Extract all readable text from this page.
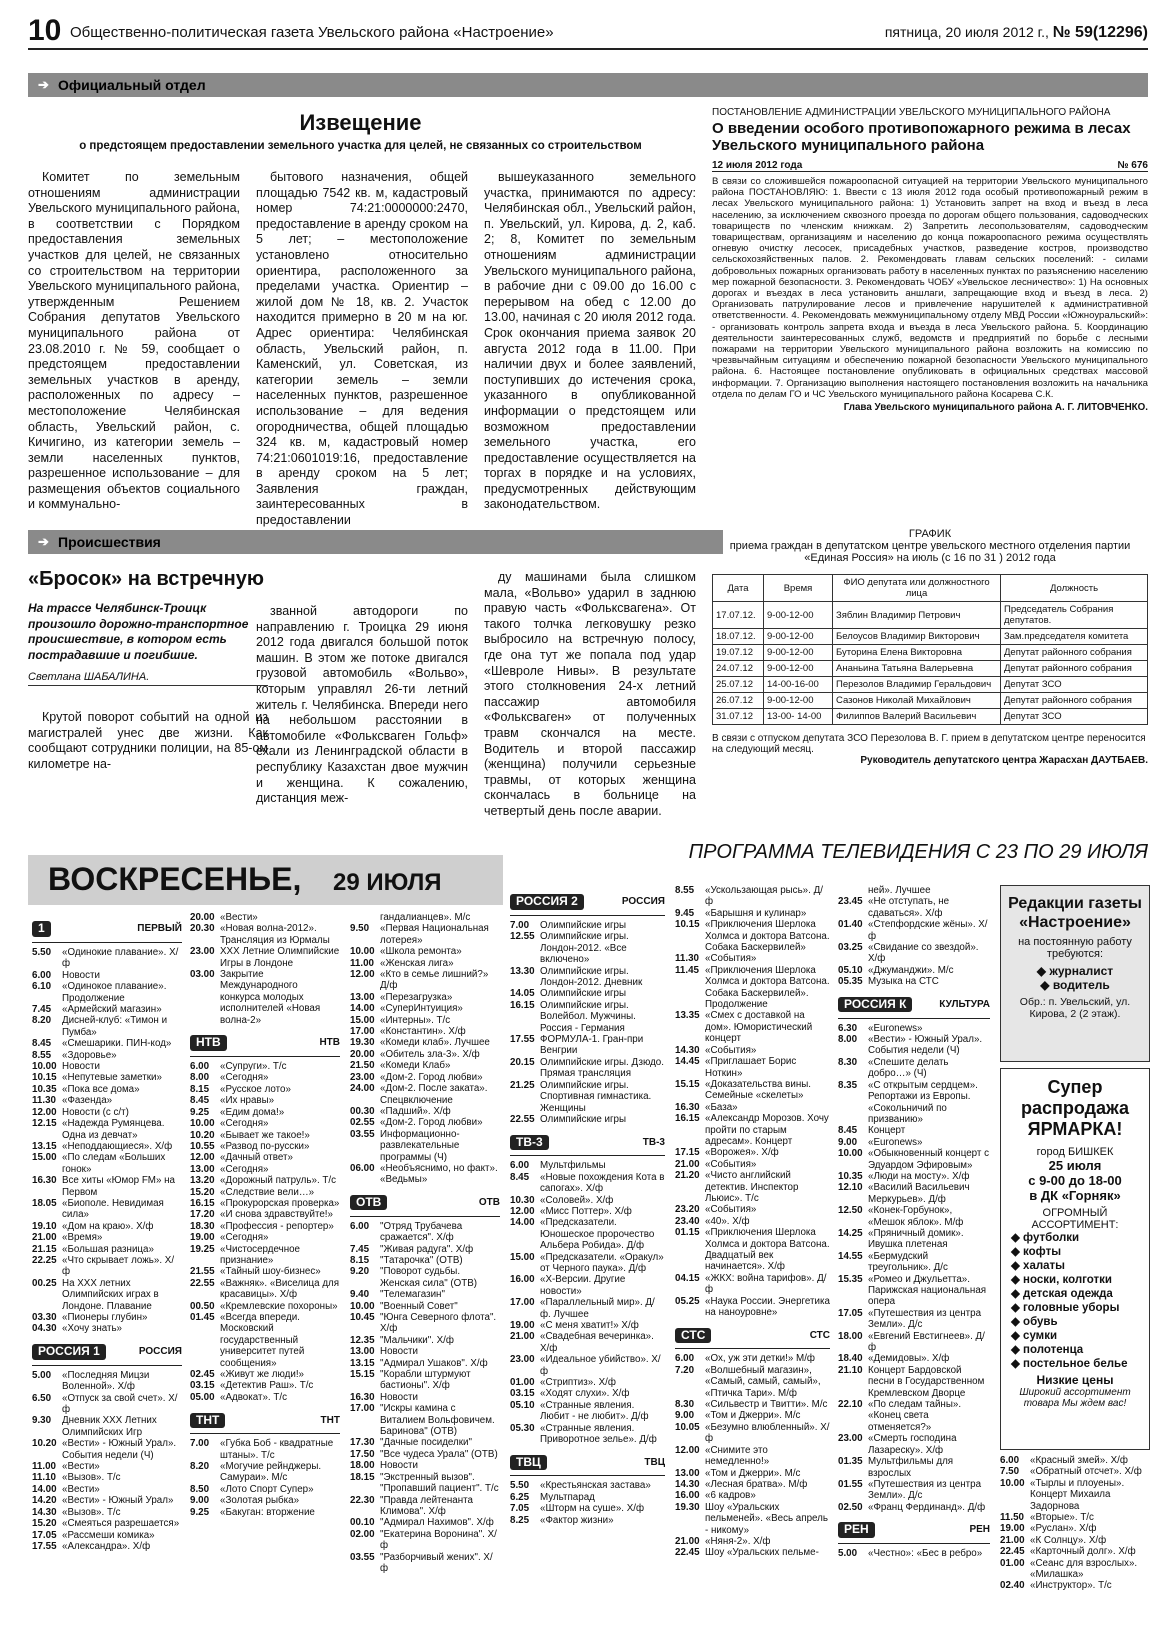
10 Общественно-политическая газета Увельского района «Настроение»	пятница, 20 июля 2012 г., № 59(12296)
➔ Официальный отдел
Извещение
о предстоящем предоставлении земельного участка для целей, не связанных со строительством

Комитет по земельным отношениям администрации Увельского муниципального района, в соответствии с Порядком предоставления земельных участков для целей, не связанных со строительством на территории Увельского муниципального района, утвержденным Решением Собрания депутатов Увельского муниципального района от 23.08.2010 г. № 59, сообщает о предстоящем предоставлении земельных участков в аренду, расположенных по адресу – местоположение Челябинская область, Увельский район, с. Кичигино, из категории земель – земли населенных пунктов, разрешенное использование – для размещения объектов социального и коммунально-

бытового назначения, общей площадью 7542 кв. м, кадастровый номер 74:21:0000000:2470, предоставление в аренду сроком на 5 лет; – местоположение установлено относительно ориентира, расположенного за пределами участка. Ориентир – жилой дом № 18, кв. 2. Участок находится примерно в 20 м на юг. Адрес ориентира: Челябинская область, Увельский район, п. Каменский, ул. Советская, из категории земель – земли населенных пунктов, разрешенное использование – для ведения огородничества, общей площадью 324 кв. м, кадастровый номер 74:21:0601019:16, предоставление в аренду сроком на 5 лет; Заявления граждан, заинтересованных в предоставлении

вышеуказанного земельного участка, принимаются по адресу: Челябинская обл., Увельский район, п. Увельский, ул. Кирова, д. 2, каб. 2; 8, Комитет по земельным отношениям администрации Увельского муниципального района, в рабочие дни с 09.00 до 16.00 с перерывом на обед с 12.00 до 13.00, начиная с 20 июля 2012 года. Срок окончания приема заявок 20 августа 2012 года в 11.00. При наличии двух и более заявлений, поступивших до истечения срока, указанного в опубликованной информации о предстоящем или возможном предоставлении земельного участка, его предоставление осуществляется на торгах в порядке и на условиях, предусмотренных действующим законодательством.

ПОСТАНОВЛЕНИЕ АДМИНИСТРАЦИИ УВЕЛЬСКОГО МУНИЦИПАЛЬНОГО РАЙОНА
О введении особого противопожарного режима в лесах Увельского муниципального района
12 июля 2012 года	№ 676
В связи со сложившейся пожароопасной ситуацией на территории Увельского муниципального района ПОСТАНОВЛЯЮ: 1. Ввести с 13 июля 2012 года особый противопожарный режим в лесах Увельского муниципального района: 1) Установить запрет на вход и въезд в леса населению, за исключением сквозного проезда по дорогам общего пользования, садоводческих товариществ по членским книжкам. 2) Запретить лесопользователям, садоводческим товариществам, организациям и населению до конца пожароопасного режима осуществлять огневую очистку лесосек, присадебных участков, разведение костров, производство сельскохозяйственных палов. 2. Рекомендовать главам сельских поселений: - силами добровольных пожарных организовать работу в населенных пунктах по разъяснению населению мер пожарной безопасности. 3. Рекомендовать ЧОБУ «Увельское лесничество»: 1) На основных дорогах и въездах в леса установить аншлаги, запрещающие вход и въезд в леса. 2) Организовать патрулирование лесов и привлечение нарушителей к административной ответственности. 4. Рекомендовать межмуниципальному отделу МВД России «Южноуральский»: - организовать контроль запрета входа и въезда в леса Увельского района. 5. Координацию деятельности заинтересованных служб, ведомств и предприятий по борьбе с лесными пожарами на территории Увельского муниципального района возложить на комиссию по чрезвычайным ситуациям и обеспечению пожарной безопасности Увельского муниципального района. 6. Настоящее постановление опубликовать в официальных средствах массовой информации. 7. Организацию выполнения настоящего постановления возложить на начальника отдела по делам ГО и ЧС Увельского муниципального района Косарева С.К.
Глава Увельского муниципального района А. Г. ЛИТОВЧЕНКО.
➔ Происшествия
«Бросок» на встречную
На трассе Челябинск-Троицк произошло дорожно-транспортное происшествие, в котором есть пострадавшие и погибшие.
Светлана ШАБАЛИНА.

Крутой поворот событий на одной из магистралей унес две жизни. Как сообщают сотрудники полиции, на 85-ом километре на-

званной автодороги по направлению г. Троицка 29 июня 2012 года двигался большой поток машин. В этом же потоке двигался грузовой автомобиль «Вольво», которым управлял 26-ти летний житель г. Челябинска. Впереди него на небольшом расстоянии в автомобиле «Фольксваген Гольф» ехали из Ленинградской области в республику Казахстан двое мужчин и женщина. К сожалению, дистанция меж-

ду машинами была слишком мала, «Вольво» ударил в заднюю правую часть «Фольксвагена». От такого толчка легковушку резко выбросило на встречную полосу, где она тут же попала под удар «Шевроле Нивы». В результате этого столкновения 24-х летний пассажир автомобиля «Фольксваген» от полученных травм скончался на месте. Водитель и второй пассажир (женщина) получили серьезные травмы, от которых женщина скончалась в больнице на четвертый день после аварии.

ГРАФИК
приема граждан в депутатском центре увельского местного отделения партии «Единая Россия» на июль (с 16 по 31 ) 2012 года
Дата	Время	ФИО депутата или должностного лица	Должность
17.07.12.	9-00-12-00	Зяблин Владимир Петрович	Председатель Собрания депутатов.
18.07.12.	9-00-12-00	Белоусов Владимир Викторович	Зам.председателя комитета
19.07.12	9-00-12-00	Буторина Елена Викторовна	Депутат районного собрания
24.07.12	9-00-12-00	Ананьина Татьяна Валерьевна	Депутат районного собрания
25.07.12	14-00-16-00	Перезолов Владимир Геральдович	Депутат ЗСО
26.07.12	9-00-12-00	Сазонов Николай Михайлович	Депутат районного собрания
31.07.12	13-00- 14-00	Филиппов Валерий Васильевич	Депутат ЗСО
В связи с отпуском депутата ЗСО Перезолова В. Г. прием в депутатском центре переносится на следующий месяц.
Руководитель депутатского центра Жарасхан ДАУТБАЕВ.
ПРОГРАММА ТЕЛЕВИДЕНИЯ С 23 ПО 29 ИЮЛЯ
ВОСКРЕСЕНЬЕ, 29 ИЮЛЯ
1	ПЕРВЫЙ
5.50	«Одинокие плавание». Х/ф
6.00	Новости
6.10	«Одинокое плавание». Продолжение
7.45	«Армейский магазин»
8.20	Дисней-клуб: «Тимон и Пумба»
8.45	«Смешарики. ПИН-код»
8.55	«Здоровье»
10.00 Новости
10.15 «Непутевые заметки»
10.35 «Пока все дома»
11.30 «Фазенда»
12.00 Новости (с с/т)
12.15 «Надежда Румянцева. Одна из девчат»
13.15 «Неподдающиеся». Х/ф
15.00 «По следам «Больших гонок»
16.30 Все хиты «Юмор FM» на Первом
18.05 «Биополе. Невидимая сила»
19.10 «Дом на краю». Х/ф
21.00 «Время»
21.15 «Большая разница»
22.25 «Что скрывает ложь». Х/ф
00.25 На XXX летних Олимпийских играх в Лондоне. Плавание
03.30 «Пионеры глубин»
04.30 «Хочу знать»
РОССИЯ 1	РОССИЯ
5.00	«Последняя Мицзи Воленной». Х/ф
6.50	«Отпуск за свой счет». Х/ф
9.30	Дневник XXX Летних Олимпийских Игр
10.20 «Вести» - Южный Урал». События недели (Ч)
11.00 «Вести»
11.10 «Вызов». Т/с
14.00 «Вести»
14.20 «Вести» - Южный Урал»
14.30 «Вызов». Т/с
15.20 «Смеяться разрешается»
17.05 «Рассмеши комика»
17.55 «Александра». Х/ф
20.00 «Вести»
20.30 «Новая волна-2012». Трансляция из Юрмалы
23.00 XXX Летние Олимпийские Игры в Лондоне
03.00 Закрытие Международного конкурса молодых исполнителей «Новая волна-2»
НТВ	НТВ
6.00	«Супруги». Т/с
8.00	«Сегодня»
8.15	«Русское лото»
8.45	«Их нравы»
9.25	«Едим дома!»
10.00 «Сегодня»
10.20 «Бывает же такое!»
10.55 «Развод по-русски»
12.00 «Дачный ответ»
13.00 «Сегодня»
13.20 «Дорожный патруль». Т/с
15.20 «Следствие вели…»
16.15 «Прокурорская проверка»
17.20 «И снова здравствуйте!»
18.30 «Профессия - репортер»
19.00 «Сегодня»
19.25 «Чистосердечное признание»
21.55 «Тайный шоу-бизнес»
22.55 «Важняк». «Виселица для красавицы». Х/ф
00.50 «Кремлевские похороны»
01.45 «Всегда впереди. Московский государственный университет путей сообщения»
02.45 «Живут же люди!»
03.15 «Детектив Раш». Т/с
05.00 «Адвокат». Т/с
ТНТ	ТНТ
7.00	«Губка Боб - квадратные штаны». Т/с
8.20	«Могучие рейнджеры. Самураи». М/с
8.50	«Лото Спорт Супер»
9.00	«Золотая рыбка»
9.25	«Бакуган: вторжение
гандалианцев». М/с
9.50	«Первая Национальная лотерея»
10.00 «Школа ремонта»
11.00 «Женская лига»
12.00 «Кто в семье лишний?» Д/ф
13.00 «Перезагрузка»
14.00 «СуперИнтуиция»
15.00 «Интерны». Т/с
17.00 «Константин». Х/ф
19.30 «Комеди клаб». Лучшее
20.00 «Обитель зла-3». Х/ф
21.50 «Комеди Клаб»
23.00 «Дом-2. Город любви»
24.00 «Дом-2. После заката». Спецвключение
00.30 «Падший». Х/ф
02.55 «Дом-2. Город любви»
03.55 Информационно-развлекательные программы (Ч)
06.00 «Необъяснимо, но факт». «Ведьмы»
ОТВ	ОТВ
6.00	"Отряд Трубачева сражается". Х/ф
7.45	"Живая радуга". Х/ф
8.15	"Татарочка" (ОТВ)
9.20	"Поворот судьбы. Женская сила" (ОТВ)
9.40	"Телемагазин"
10.00 "Военный Совет"
10.45 "Юнга Северного флота". Х/ф
12.35 "Мальчики". Х/ф
13.00 Новости
13.15 "Адмирал Ушаков". Х/ф
15.15 "Корабли штурмуют бастионы". Х/ф
16.30 Новости
17.00 "Искры камина с Виталием Вольфовичем. Баринова" (ОТВ)
17.30 "Дачные посиделки"
17.50 "Все чудеса Урала" (ОТВ)
18.00 Новости
18.15 "Экстренный вызов". "Пропавший пациент". Т/с
22.30 "Правда лейтенанта Климова". Х/ф
00.10 "Адмирал Нахимов". Х/ф
02.00 "Екатерина Воронина". Х/ф
03.55 "Разборчивый жених". Х/ф
РОССИЯ 2	РОССИЯ
7.00	Олимпийские игры
12.55 Олимпийские игры. Лондон-2012. «Все включено»
13.30 Олимпийские игры. Лондон-2012. Дневник
14.05 Олимпийские игры
16.15 Олимпийские игры. Волейбол. Мужчины. Россия - Германия
17.55 ФОРМУЛА-1. Гран-при Венгрии
20.15 Олимпийские игры. Дзюдо. Прямая трансляция
21.25 Олимпийские игры. Спортивная гимнастика. Женщины
22.55 Олимпийские игры
ТВ-3	ТВ-3
6.00	Мультфильмы
8.45	«Новые похождения Кота в сапогах». Х/ф
10.30 «Соловей». Х/ф
12.00 «Мисс Поттер». Х/ф
14.00 «Предсказатели. Юношеское пророчество Альбера Робида». Д/ф
15.00 «Предсказатели. «Оракул» от Черного паука». Д/ф
16.00 «Х-Версии. Другие новости»
17.00 «Параллельный мир». Д/ф. Лучшее
19.00 «С меня хватит!» Х/ф
21.00 «Свадебная вечеринка». Х/ф
23.00 «Идеальное убийство». Х/ф
01.00 «Стриптиз». Х/ф
03.15 «Ходят слухи». Х/ф
05.10 «Странные явления. Любит - не любит». Д/ф
05.30 «Странные явления. Приворотное зелье». Д/ф
ТВЦ	ТВЦ
5.50	«Крестьянская застава»
6.25	Мультпарад
7.05	«Шторм на суше». Х/ф
8.25	«Фактор жизни»
8.55	«Ускользающая рысь». Д/ф
9.45	«Барышня и кулинар»
10.15 «Приключения Шерлока Холмса и доктора Ватсона. Собака Баскервилей»
11.30 «События»
11.45 «Приключения Шерлока Холмса и доктора Ватсона. Собака Баскервилей». Продолжение
13.35 «Смех с доставкой на дом». Юмористический концерт
14.30 «События»
14.45 «Приглашает Борис Ноткин»
15.15 «Доказательства вины. Семейные «скелеты»
16.30 «База»
16.15 «Александр Морозов. Хочу пройти по старым адресам». Концерт
17.15 «Ворожея». Х/ф
21.00 «События»
21.20 «Чисто английский детектив. Инспектор Льюис». Т/с
23.20 «События»
23.40 «40». Х/ф
01.15 «Приключения Шерлока Холмса и доктора Ватсона. Двадцатый век начинается». Х/ф
04.15 «ЖКХ: война тарифов». Д/ф
05.25 «Наука России. Энергетика на наноуровне»
СТС	СТС
6.00	«Ох, уж эти детки!» М/ф
7.20	«Волшебный магазин», «Самый, самый, самый», «Птичка Тари». М/ф
8.30	«Сильвестр и Твитти». М/с
9.00	«Том и Джерри». М/с
10.05 «Безумно влюбленный». Х/ф
12.00 «Снимите это немедленно!»
13.00 «Том и Джерри». М/с
14.30 «Лесная братва». М/ф
16.00 «6 кадров»
19.30 Шоу «Уральских пельменей». «Весь апрель - никому»
21.00 «Няня-2». Х/ф
22.45 Шоу «Уральских пельме-
ней». Лучшее
23.45 «Не отступать, не сдаваться». Х/ф
01.40 «Степфордские жёны». Х/ф
03.25 «Свидание со звездой». Х/ф
05.10 «Джуманджи». М/с
05.35 Музыка на СТС
РОССИЯ К	КУЛЬТУРА
6.30	«Euronews»
8.00	«Вести» - Южный Урал». События недели (Ч)
8.30	«Спешите делать добро…» (Ч)
8.35	«С открытым сердцем». Репортажи из Европы. «Сокольничий по призванию»
8.45	Концерт
9.00	«Euronews»
10.00 «Обыкновенный концерт с Эдуардом Эфировым»
10.35 «Люди на мосту». Х/ф
12.10 «Василий Васильевич Меркурьев». Д/ф
12.50 «Конек-Горбунок», «Мешок яблок». М/ф
14.25 «Пряничный домик». Ивушка плетеная
14.55 «Бермудский треугольник». Д/с
15.35 «Ромео и Джульетта». Парижская национальная опера
17.05 «Путешествия из центра Земли». Д/с
18.00 «Евгений Евстигнеев». Д/ф
18.40 «Демидовы». Х/ф
21.10 Концерт Бардовской песни в Государственном Кремлевском Дворце
22.10 «По следам тайны». «Конец света отменяется?»
23.00 «Смерть господина Лазареску». Х/ф
01.35 Мультфильмы для взрослых
01.55 «Путешествия из центра Земли». Д/с
02.50 «Франц Фердинанд». Д/ф
РЕН	РЕН
5.00	«Честно»: «Бес в ребро»
Редакции газеты «Настроение»
на постоянную работу требуются:
◆ журналист
◆ водитель
Обр.: п. Увельский, ул. Кирова, 2 (2 этаж).
Супер распродажа ЯРМАРКА!
город БИШКЕК
25 июля
с 9-00 до 18-00
в ДК «Горняк»
ОГРОМНЫЙ АССОРТИМЕНТ:
◆ футболки
◆ кофты
◆ халаты
◆ носки, колготки
◆ детская одежда
◆ головные уборы
◆ обувь
◆ сумки
◆ полотенца
◆ постельное белье
Низкие цены
Широкий ассортимент товара Мы ждем вас!
6.00	«Красный змей». Х/ф
7.50	«Обратный отсчет». Х/ф
10.00 «Тырлы и плоуены». Концерт Михаила Задорнова
11.50 «Вторые». Т/с
19.00 «Руслан». Х/ф
21.00 «К Солнцу». Х/ф
22.45 «Карточный долг». Х/ф
01.00 «Сеанс для взрослых». «Милашка»
02.40 «Инструктор». Т/с
